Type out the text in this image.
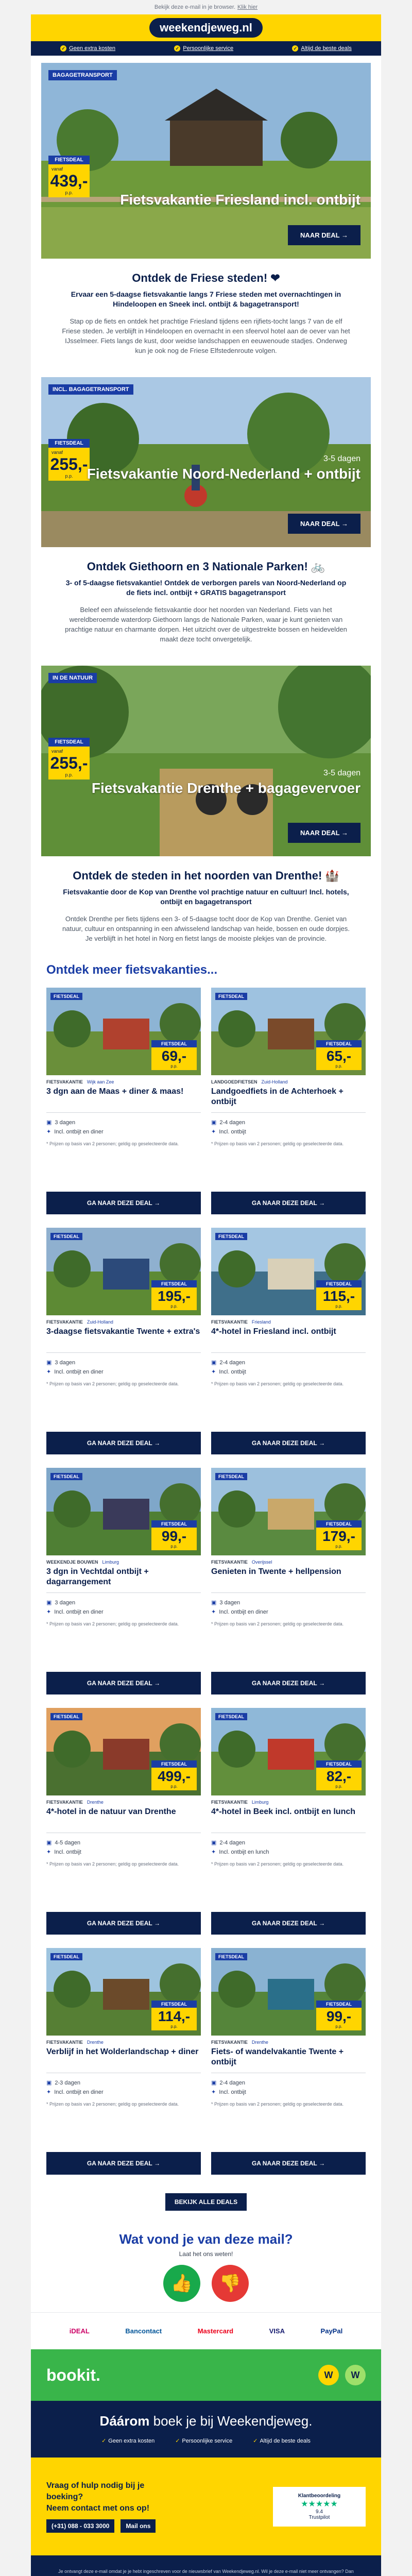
Bekijk deze e-mail in je browser. Klik hier
weekendjeweg.nl
✓ Geen extra kosten	✓ Persoonlijke service	✓ Altijd de beste deals
BAGAGETRANSPORT
FIETSDEAL
vanaf
439,-
p.p.	Fietsvakantie Friesland incl. ontbijt
NAAR DEAL →
Ontdek de Friese steden! ❤

Ervaar een 5-daagse fietsvakantie langs 7 Friese steden met overnachtingen in Hindeloopen en Sneek incl. ontbijt & bagagetransport!

Stap op de fiets en ontdek het prachtige Friesland tijdens een rijfiets-tocht langs 7 van de elf Friese steden. Je verblijft in Hindeloopen en overnacht in een sfeervol hotel aan de oever van het IJsselmeer. Fiets langs de kust, door weidse landschappen en eeuwenoude stadjes. Onderweg kun je ook nog de Friese Elfstedenroute volgen.

INCL. BAGAGETRANSPORT
FIETSDEAL
vanaf
255,-
p.p.
3-5 dagen
Fietsvakantie Noord-Nederland + ontbijt
NAAR DEAL →
Ontdek Giethoorn en 3 Nationale Parken! 🚲

3- of 5-daagse fietsvakantie! Ontdek de verborgen parels van Noord-Nederland op de fiets incl. ontbijt + GRATIS bagagetransport

Beleef een afwisselende fietsvakantie door het noorden van Nederland. Fiets van het wereldberoemde waterdorp Giethoorn langs de Nationale Parken, waar je kunt genieten van prachtige natuur en charmante dorpen. Het uitzicht over de uitgestrekte bossen en heidevelden maakt deze tocht onvergetelijk.

IN DE NATUUR
FIETSDEAL
vanaf
255,-
p.p.	3-5 dagen
Fietsvakantie Drenthe + bagagevervoer
NAAR DEAL →
Ontdek de steden in het noorden van Drenthe! 🏰

Fietsvakantie door de Kop van Drenthe vol prachtige natuur en cultuur! Incl. hotels, ontbijt en bagagetransport

Ontdek Drenthe per fiets tijdens een 3- of 5-daagse tocht door de Kop van Drenthe. Geniet van natuur, cultuur en ontspanning in een afwisselend landschap van heide, bossen en oude dorpjes. Je verblijft in het hotel in Norg en fietst langs de mooiste plekjes van de provincie.

Ontdek meer fietsvakanties...
FIETSDEAL
FIETSDEAL
69,-
p.p.
FIETSVAKANTIE Wijk aan Zee
3 dgn aan de Maas + diner & maas!
▣ 3 dagen
✦ Incl. ontbijt en diner
* Prijzen op basis van 2 personen; geldig op geselecteerde data.
GA NAAR DEZE DEAL →
FIETSDEAL
FIETSDEAL
65,-
p.p.
LANDGOEDFIETSEN Zuid-Holland
Landgoedfiets in de Achterhoek + ontbijt
▣ 2-4 dagen
✦ Incl. ontbijt
* Prijzen op basis van 2 personen; geldig op geselecteerde data.
GA NAAR DEZE DEAL →
FIETSDEAL
FIETSDEAL
195,-
p.p.
FIETSVAKANTIE Zuid-Holland
3-daagse fietsvakantie Twente + extra's
▣ 3 dagen
✦ Incl. ontbijt en diner
* Prijzen op basis van 2 personen; geldig op geselecteerde data.
GA NAAR DEZE DEAL →
FIETSDEAL
FIETSDEAL
115,-
p.p.
FIETSVAKANTIE Friesland
4*-hotel in Friesland incl. ontbijt
▣ 2-4 dagen
✦ Incl. ontbijt
* Prijzen op basis van 2 personen; geldig op geselecteerde data.
GA NAAR DEZE DEAL →
FIETSDEAL
FIETSDEAL
99,-
p.p.
WEEKENDJE BOUWEN Limburg
3 dgn in Vechtdal ontbijt + dagarrangement
▣ 3 dagen
✦ Incl. ontbijt en diner
* Prijzen op basis van 2 personen; geldig op geselecteerde data.
GA NAAR DEZE DEAL →
FIETSDEAL
FIETSDEAL
179,-
p.p.
FIETSVAKANTIE Overijssel
Genieten in Twente + hellpension
▣ 3 dagen
✦ Incl. ontbijt en diner
* Prijzen op basis van 2 personen; geldig op geselecteerde data.
GA NAAR DEZE DEAL →
FIETSDEAL
FIETSDEAL
499,-
p.p.
FIETSVAKANTIE Drenthe
4*-hotel in de natuur van Drenthe
▣ 4-5 dagen
✦ Incl. ontbijt
* Prijzen op basis van 2 personen; geldig op geselecteerde data.
GA NAAR DEZE DEAL →
FIETSDEAL
FIETSDEAL
82,-
p.p.
FIETSVAKANTIE Limburg
4*-hotel in Beek incl. ontbijt en lunch
▣ 2-4 dagen
✦ Incl. ontbijt en lunch
* Prijzen op basis van 2 personen; geldig op geselecteerde data.
GA NAAR DEZE DEAL →
FIETSDEAL
FIETSDEAL
114,-
p.p.
FIETSVAKANTIE Drenthe
Verblijf in het Wolderlandschap + diner
▣ 2-3 dagen
✦ Incl. ontbijt en diner
* Prijzen op basis van 2 personen; geldig op geselecteerde data.
GA NAAR DEZE DEAL →
FIETSDEAL
FIETSDEAL
99,-
p.p.
FIETSVAKANTIE Drenthe
Fiets- of wandelvakantie Twente + ontbijt
▣ 2-4 dagen
✦ Incl. ontbijt
* Prijzen op basis van 2 personen; geldig op geselecteerde data.
GA NAAR DEZE DEAL →
BEKIJK ALLE DEALS
Wat vond je van deze mail?

Laat het ons weten!

👍	👎
iDEAL	Bancontact	Mastercard	VISA	PayPal
bookit.	W	W
Dáárom boek je bij Weekendjeweg.
✓ Geen extra kosten	✓ Persoonlijke service	✓ Altijd de beste deals
Vraag of hulp nodig bij je
boeking?
Neem contact met ons op!
(+31) 088 - 033 3000	Mail ons
Klantbeoordeling
★★★★★
9.4
Trustpilot

Je ontvangt deze e-mail omdat je je hebt ingeschreven voor de nieuwsbrief van Weekendjeweg.nl. Wil je deze e-mail niet meer ontvangen? Dan
